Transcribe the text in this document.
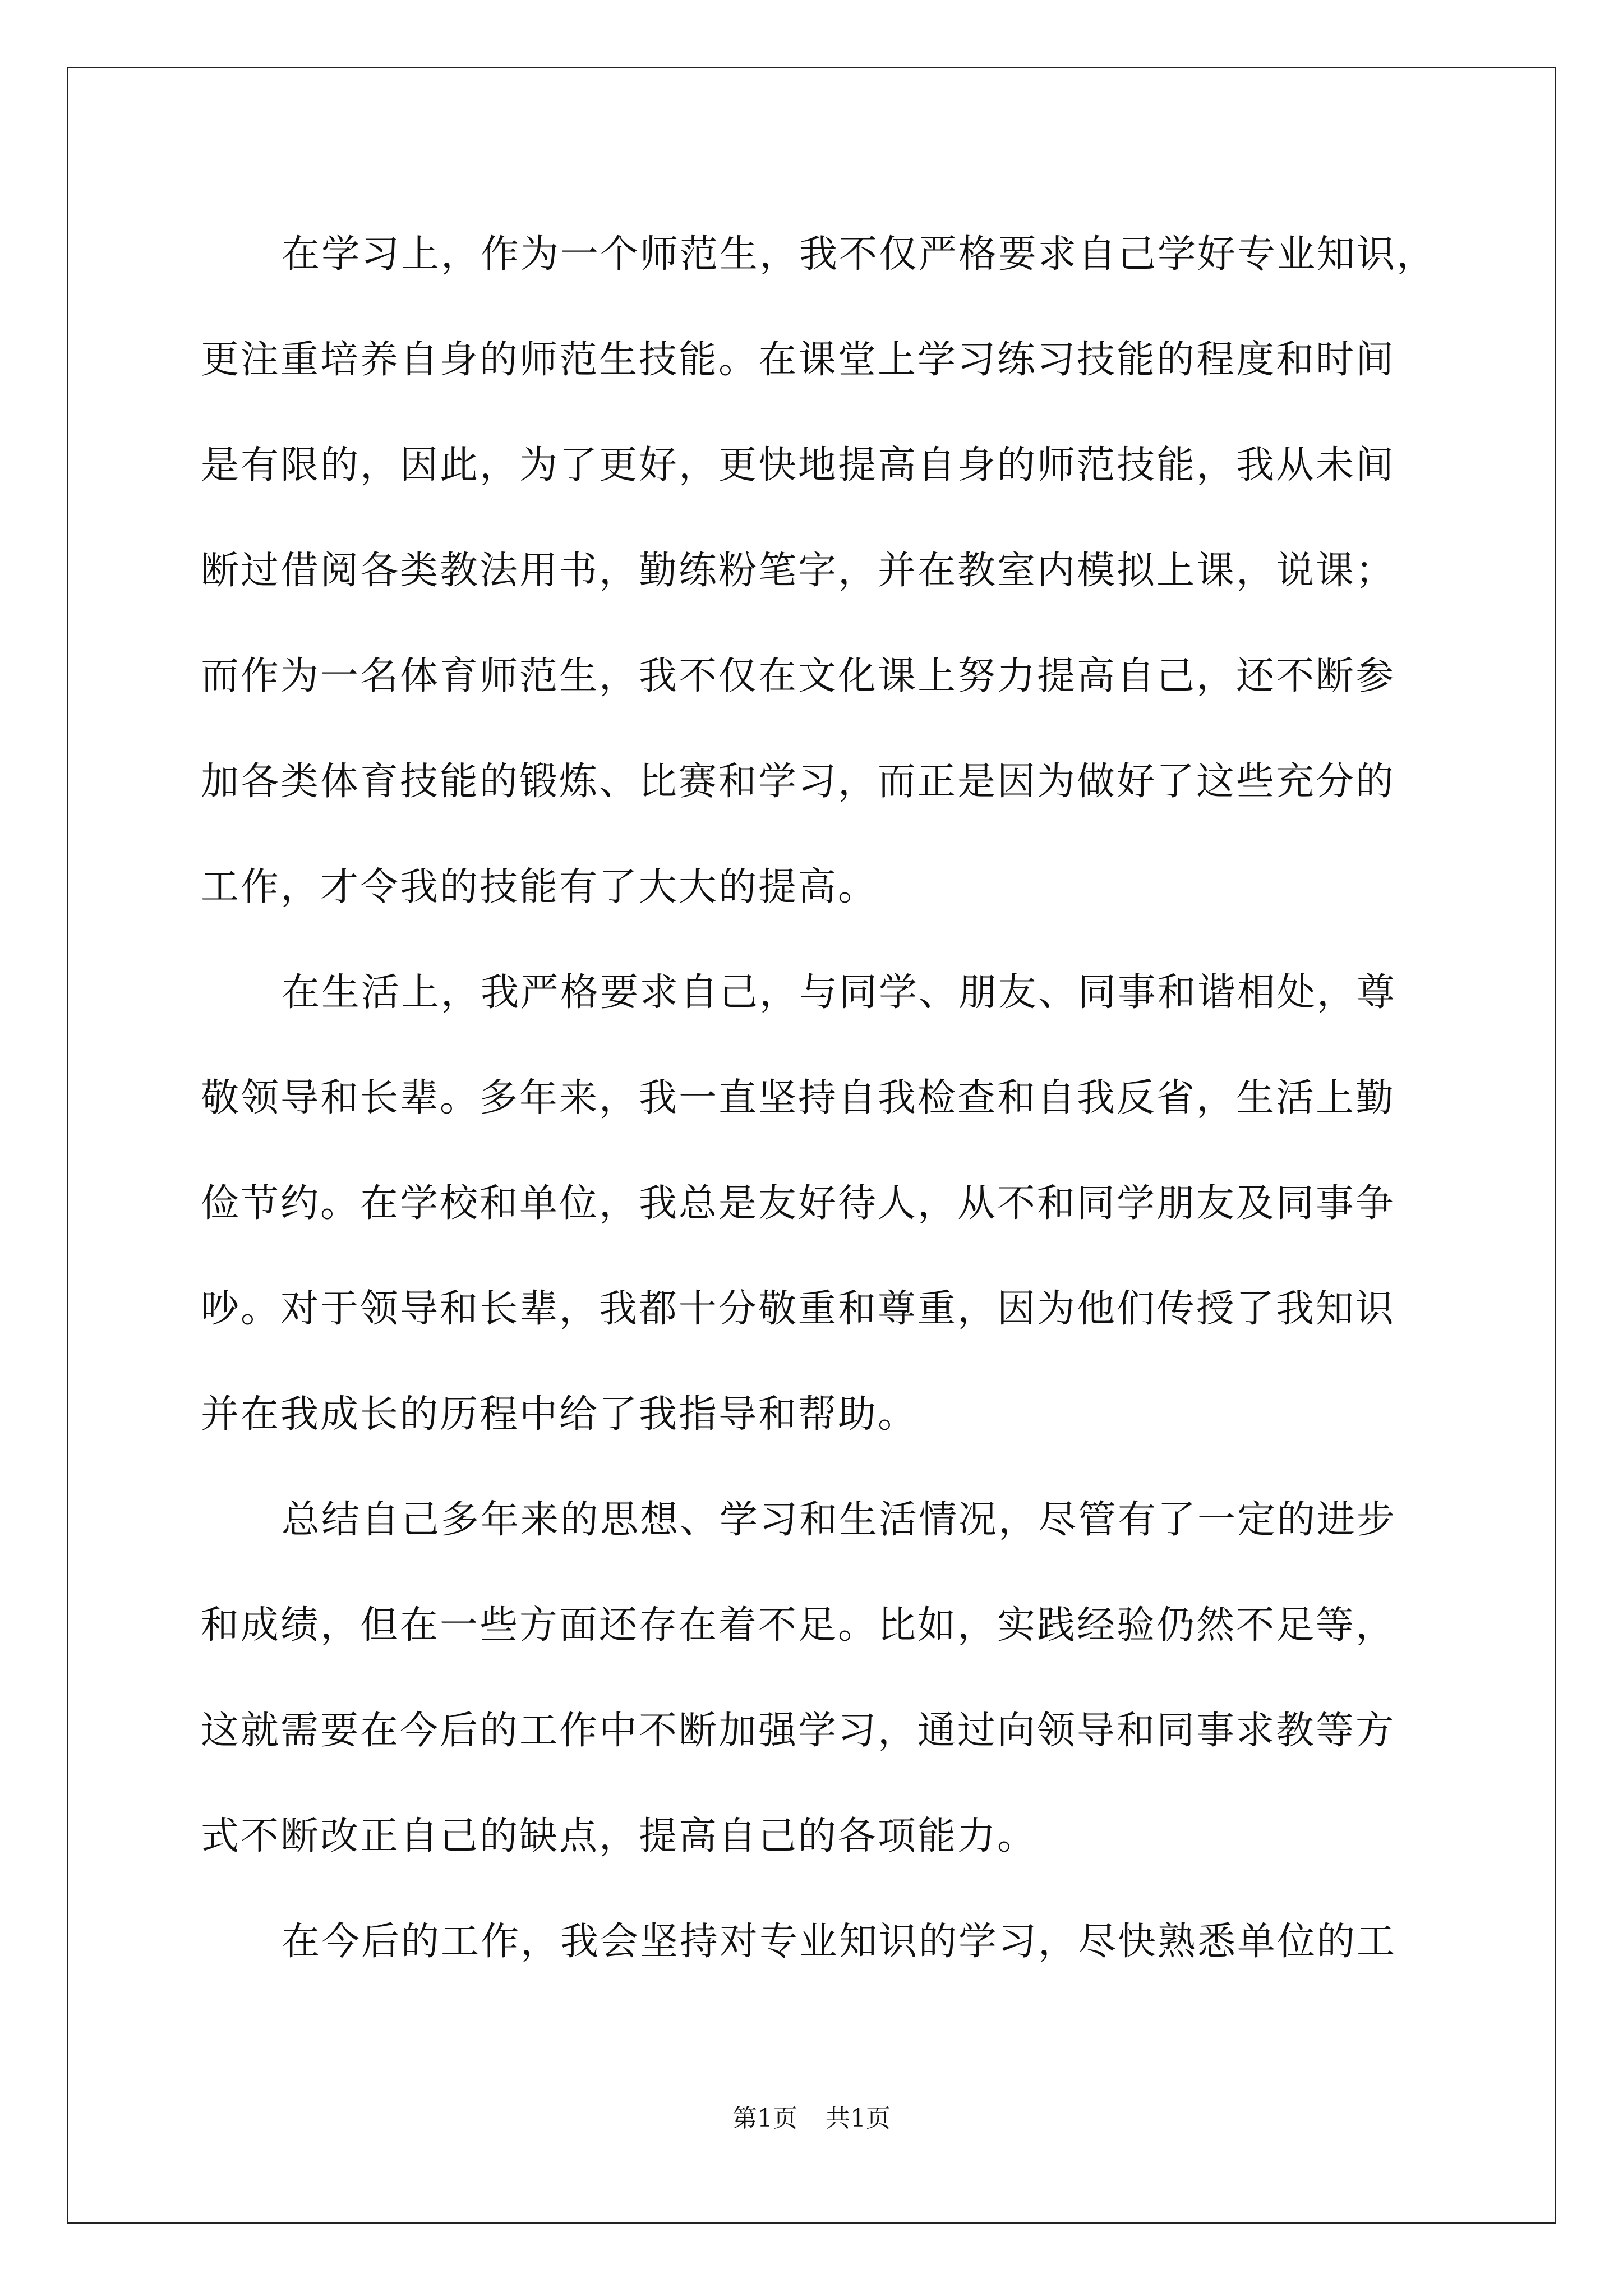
在学习上，作为一个师范生，我不仅严格要求自己学好专业知识，
更注重培养自身的师范生技能。在课堂上学习练习技能的程度和时间
是有限的，因此，为了更好，更快地提高自身的师范技能，我从未间
断过借阅各类教法用书，勤练粉笔字，并在教室内模拟上课，说课；
而作为一名体育师范生，我不仅在文化课上努力提高自己，还不断参
加各类体育技能的锻炼、比赛和学习，而正是因为做好了这些充分的
工作，才令我的技能有了大大的提高。
在生活上，我严格要求自己，与同学、朋友、同事和谐相处，尊
敬领导和长辈。多年来，我一直坚持自我检查和自我反省，生活上勤
俭节约。在学校和单位，我总是友好待人，从不和同学朋友及同事争
吵。对于领导和长辈，我都十分敬重和尊重，因为他们传授了我知识
并在我成长的历程中给了我指导和帮助。
总结自己多年来的思想、学习和生活情况，尽管有了一定的进步
和成绩，但在一些方面还存在着不足。比如，实践经验仍然不足等，
这就需要在今后的工作中不断加强学习，通过向领导和同事求教等方
式不断改正自己的缺点，提高自己的各项能力。
在今后的工作，我会坚持对专业知识的学习，尽快熟悉单位的工
第1页 共1页
